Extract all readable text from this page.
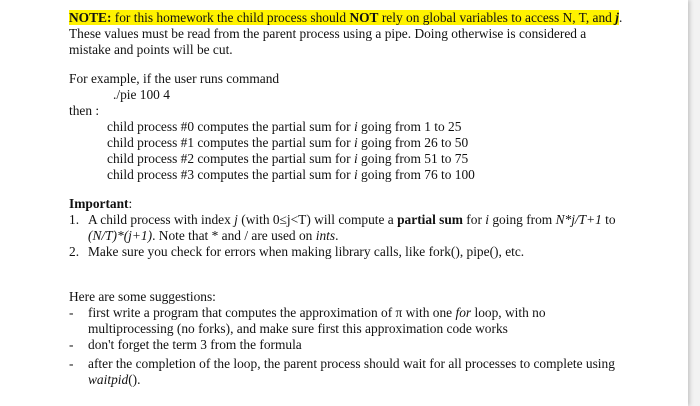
NOTE: for this homework the child process should NOT rely on global variables to access N, T, and j.
These values must be read from the parent process using a pipe. Doing otherwise is considered a
mistake and points will be cut.
For example, if the user runs command
./pie 100 4
then :
child process #0 computes the partial sum for i going from 1 to 25
child process #1 computes the partial sum for i going from 26 to 50
child process #2 computes the partial sum for i going from 51 to 75
child process #3 computes the partial sum for i going from 76 to 100
Important:
1. A child process with index j (with 0≤j<T) will compute a partial sum for i going from N*j/T+1 to
(N/T)*(j+1). Note that * and / are used on ints.
2. Make sure you check for errors when making library calls, like fork(), pipe(), etc.
Here are some suggestions:
- first write a program that computes the approximation of π with one for loop, with no
multiprocessing (no forks), and make sure first this approximation code works
- don't forget the term 3 from the formula
- after the completion of the loop, the parent process should wait for all processes to complete using
waitpid().
